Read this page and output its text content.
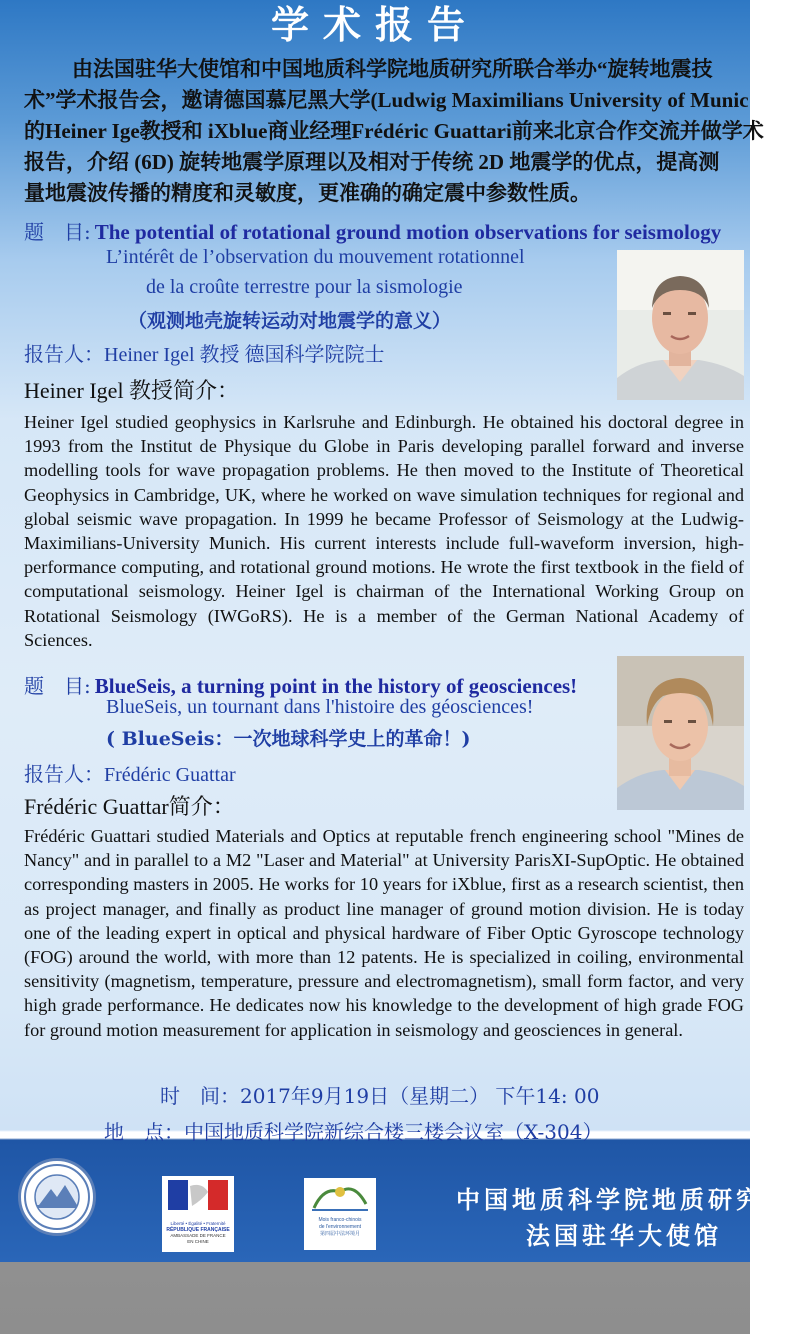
学术报告
由法国驻华大使馆和中国地质科学院地质研究所联合举办“旋转地震技
术”学术报告会，邀请德国慕尼黑大学(Ludwig Maximilians University of Munic
的Heiner Ige教授和 iXblue商业经理Frédéric Guattari前来北京合作交流并做学术
报告，介绍 (6D) 旋转地震学原理以及相对于传统 2D 地震学的优点，提高测
量地震波传播的精度和灵敏度，更准确的确定震中参数性质。
题　目: The potential of rotational ground motion observations for seismology
L’intérêt de l’observation du mouvement rotationnel
de la croûte terrestre pour la sismologie
（观测地壳旋转运动对地震学的意义）
报告人：Heiner Igel 教授 德国科学院院士
Heiner Igel 教授简介：
Heiner Igel studied geophysics in Karlsruhe and Edinburgh. He obtained his doctoral degree in 1993 from the Institut de Physique du Globe in Paris developing parallel forward and inverse modelling tools for wave propagation problems. He then moved to the Institute of Theoretical Geophysics in Cambridge, UK, where he worked on wave simulation techniques for regional and global seismic wave propagation. In 1999 he became Professor of Seismology at the Ludwig-Maximilians-University Munich. His current interests include full-waveform inversion, high-performance computing, and rotational ground motions. He wrote the first textbook in the field of computational seismology. Heiner Igel is chairman of the International Working Group on Rotational Seismology (IWGoRS). He is a member of the German National Academy of Sciences.
题　目: BlueSeis, a turning point in the history of geosciences!
BlueSeis, un tournant dans l'histoire des géosciences!
( BlueSeis：一次地球科学史上的革命！)
报告人：Frédéric Guattar
Frédéric Guattar简介：
Frédéric Guattari studied Materials and Optics at reputable french engineering school "Mines de Nancy" and in parallel to a M2 "Laser and Material" at University ParisXI-SupOptic. He obtained corresponding masters in 2005. He works for 10 years for iXblue, first as a research scientist, then as project manager, and finally as product line manager of ground motion division. He is today one of the leading expert in optical and physical hardware of Fiber Optic Gyroscope technology (FOG) around the world, with more than 12 patents. He is specialized in coiling, environmental sensitivity (magnetism, temperature, pressure and electromagnetism), small form factor, and very high grade performance. He dedicates now his knowledge to the development of high grade FOG for ground motion measurement for application in seismology and geosciences in general.
时　间：2017年9月19日（星期二） 下午14: 00
地　点：中国地质科学院新综合楼三楼会议室（X-304）
Liberté • Égalité • Fraternité
RÉPUBLIQUE FRANÇAISE
AMBASSADE DE FRANCE
EN CHINE
Mois franco-chinois
de l'environnement
第四届中法环境月
中国地质科学院地质研究所
法国驻华大使馆
